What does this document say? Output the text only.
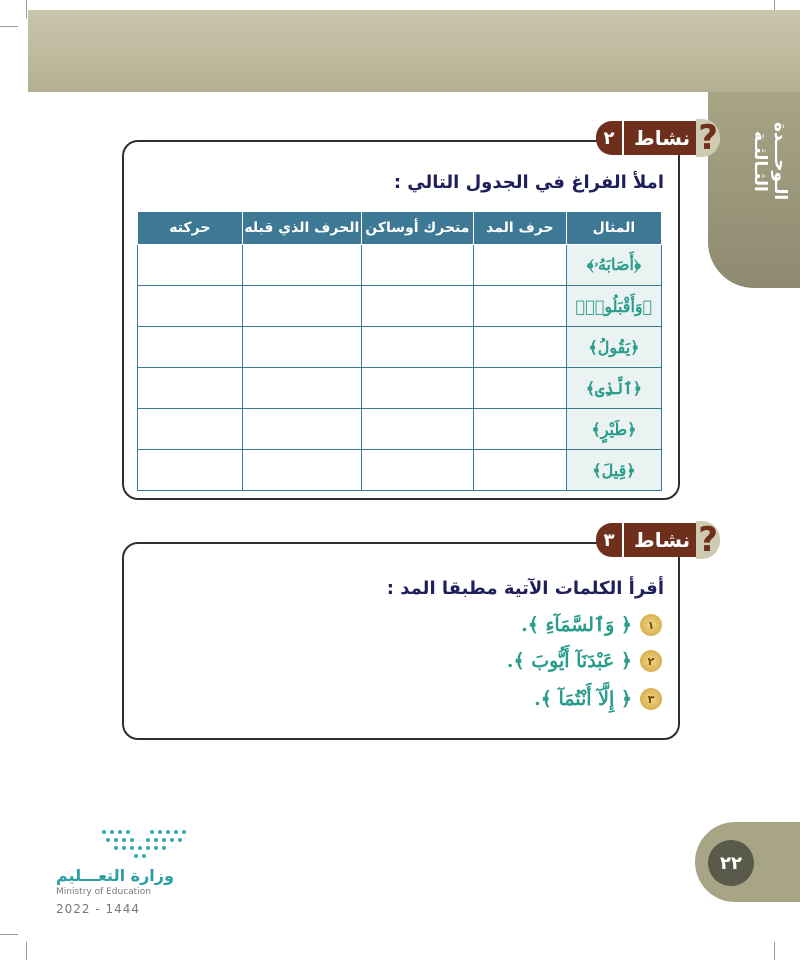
الـوحـــدة الثـالثـة
٢ نشاط ?
املأ الفراغ في الجدول التالي :
المثال	حرف المد	متحرك أوساكن	الحرف الذي قبله	حركته
﴿أَصَابَهُۥ﴾				
﴿وَأَقْبَلُوا۟﴾				
﴿يَقُولُ﴾				
﴿ٱلَّذِى﴾				
﴿طَيْرٍ﴾				
﴿قِيلَ﴾				
٣ نشاط ?
أقرأ الكلمات الآتية مطبقا المد :
١
﴿ وَٱلسَّمَآءِ ﴾.
٢
﴿ عَبْدَنَآ أَيُّوبَ ﴾.
٣
﴿ إِلَّآ أَنْتُمَآ ﴾.
٢٢
وزارة التعـــليم
Ministry of Education
2022 - 1444
